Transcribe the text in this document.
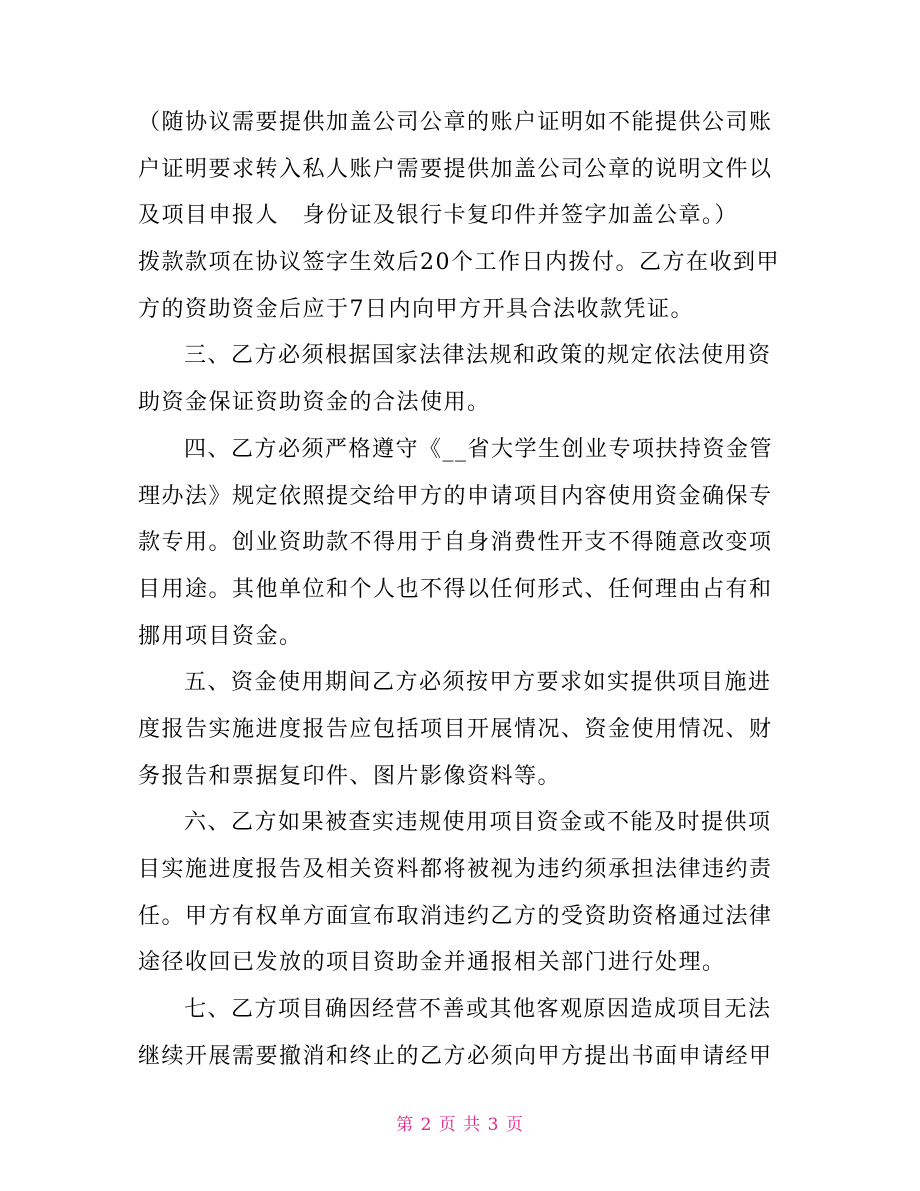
（随协议需要提供加盖公司公章的账户证明如不能提供公司账
户证明要求转入私人账户需要提供加盖公司公章的说明文件以
及项目申报人　身份证及银行卡复印件并签字加盖公章。）
拨款款项在协议签字生效后20个工作日内拨付。乙方在收到甲
方的资助资金后应于7日内向甲方开具合法收款凭证。
三、乙方必须根据国家法律法规和政策的规定依法使用资
助资金保证资助资金的合法使用。
四、乙方必须严格遵守《__省大学生创业专项扶持资金管
理办法》规定依照提交给甲方的申请项目内容使用资金确保专
款专用。创业资助款不得用于自身消费性开支不得随意改变项
目用途。其他单位和个人也不得以任何形式、任何理由占有和
挪用项目资金。
五、资金使用期间乙方必须按甲方要求如实提供项目施进
度报告实施进度报告应包括项目开展情况、资金使用情况、财
务报告和票据复印件、图片影像资料等。
六、乙方如果被查实违规使用项目资金或不能及时提供项
目实施进度报告及相关资料都将被视为违约须承担法律违约责
任。甲方有权单方面宣布取消违约乙方的受资助资格通过法律
途径收回已发放的项目资助金并通报相关部门进行处理。
七、乙方项目确因经营不善或其他客观原因造成项目无法
继续开展需要撤消和终止的乙方必须向甲方提出书面申请经甲
第 2 页 共 3 页
